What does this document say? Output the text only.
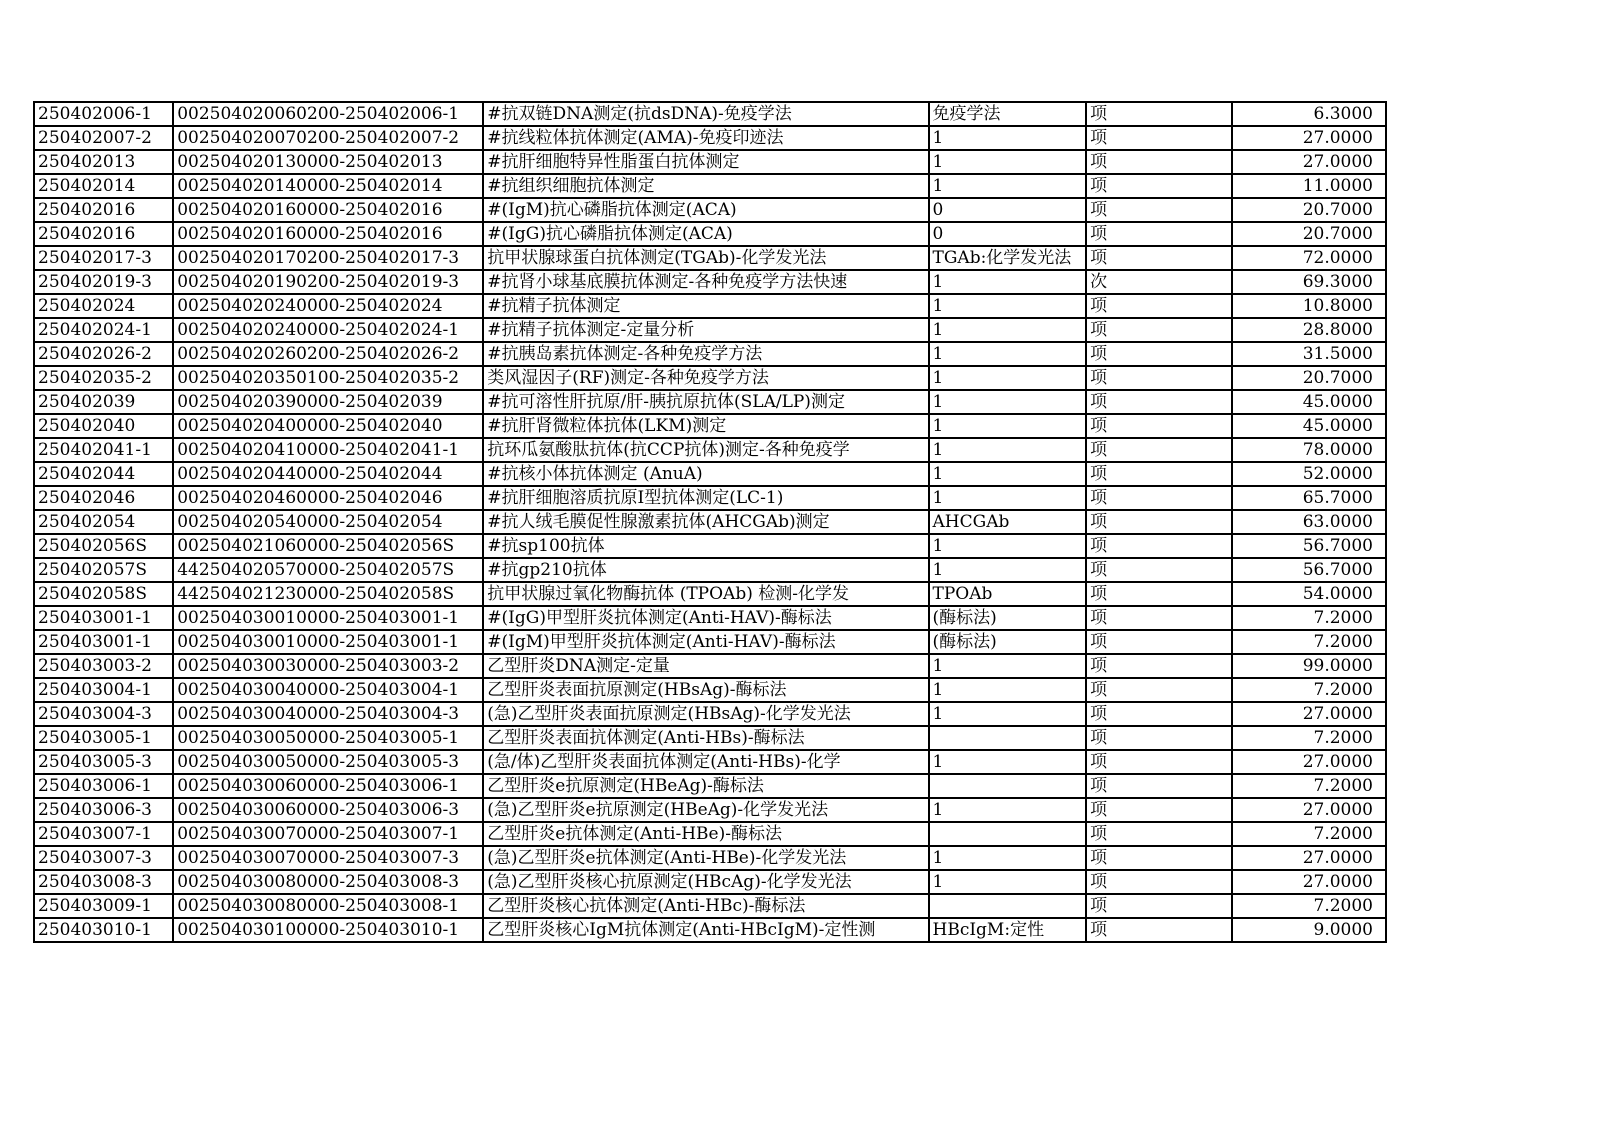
250402006-1	002504020060200-250402006-1	#抗双链DNA测定(抗dsDNA)-免疫学法	免疫学法	项	6.3000
250402007-2	002504020070200-250402007-2	#抗线粒体抗体测定(AMA)-免疫印迹法	1	项	27.0000
250402013	002504020130000-250402013	#抗肝细胞特异性脂蛋白抗体测定	1	项	27.0000
250402014	002504020140000-250402014	#抗组织细胞抗体测定	1	项	11.0000
250402016	002504020160000-250402016	#(IgM)抗心磷脂抗体测定(ACA)	0	项	20.7000
250402016	002504020160000-250402016	#(IgG)抗心磷脂抗体测定(ACA)	0	项	20.7000
250402017-3	002504020170200-250402017-3	抗甲状腺球蛋白抗体测定(TGAb)-化学发光法	TGAb:化学发光法	项	72.0000
250402019-3	002504020190200-250402019-3	#抗肾小球基底膜抗体测定-各种免疫学方法快速	1	次	69.3000
250402024	002504020240000-250402024	#抗精子抗体测定	1	项	10.8000
250402024-1	002504020240000-250402024-1	#抗精子抗体测定-定量分析	1	项	28.8000
250402026-2	002504020260200-250402026-2	#抗胰岛素抗体测定-各种免疫学方法	1	项	31.5000
250402035-2	002504020350100-250402035-2	类风湿因子(RF)测定-各种免疫学方法	1	项	20.7000
250402039	002504020390000-250402039	#抗可溶性肝抗原/肝-胰抗原抗体(SLA/LP)测定	1	项	45.0000
250402040	002504020400000-250402040	#抗肝肾微粒体抗体(LKM)测定	1	项	45.0000
250402041-1	002504020410000-250402041-1	抗环瓜氨酸肽抗体(抗CCP抗体)测定-各种免疫学	1	项	78.0000
250402044	002504020440000-250402044	#抗核小体抗体测定 (AnuA)	1	项	52.0000
250402046	002504020460000-250402046	#抗肝细胞溶质抗原I型抗体测定(LC-1)	1	项	65.7000
250402054	002504020540000-250402054	#抗人绒毛膜促性腺激素抗体(AHCGAb)测定	AHCGAb	项	63.0000
250402056S	002504021060000-250402056S	#抗sp100抗体	1	项	56.7000
250402057S	442504020570000-250402057S	#抗gp210抗体	1	项	56.7000
250402058S	442504021230000-250402058S	抗甲状腺过氧化物酶抗体 (TPOAb) 检测-化学发	TPOAb	项	54.0000
250403001-1	002504030010000-250403001-1	#(IgG)甲型肝炎抗体测定(Anti-HAV)-酶标法	(酶标法)	项	7.2000
250403001-1	002504030010000-250403001-1	#(IgM)甲型肝炎抗体测定(Anti-HAV)-酶标法	(酶标法)	项	7.2000
250403003-2	002504030030000-250403003-2	乙型肝炎DNA测定-定量	1	项	99.0000
250403004-1	002504030040000-250403004-1	乙型肝炎表面抗原测定(HBsAg)-酶标法	1	项	7.2000
250403004-3	002504030040000-250403004-3	(急)乙型肝炎表面抗原测定(HBsAg)-化学发光法	1	项	27.0000
250403005-1	002504030050000-250403005-1	乙型肝炎表面抗体测定(Anti-HBs)-酶标法		项	7.2000
250403005-3	002504030050000-250403005-3	(急/体)乙型肝炎表面抗体测定(Anti-HBs)-化学	1	项	27.0000
250403006-1	002504030060000-250403006-1	乙型肝炎e抗原测定(HBeAg)-酶标法		项	7.2000
250403006-3	002504030060000-250403006-3	(急)乙型肝炎e抗原测定(HBeAg)-化学发光法	1	项	27.0000
250403007-1	002504030070000-250403007-1	乙型肝炎e抗体测定(Anti-HBe)-酶标法		项	7.2000
250403007-3	002504030070000-250403007-3	(急)乙型肝炎e抗体测定(Anti-HBe)-化学发光法	1	项	27.0000
250403008-3	002504030080000-250403008-3	(急)乙型肝炎核心抗原测定(HBcAg)-化学发光法	1	项	27.0000
250403009-1	002504030080000-250403008-1	乙型肝炎核心抗体测定(Anti-HBc)-酶标法		项	7.2000
250403010-1	002504030100000-250403010-1	乙型肝炎核心IgM抗体测定(Anti-HBcIgM)-定性测	HBcIgM:定性	项	9.0000
